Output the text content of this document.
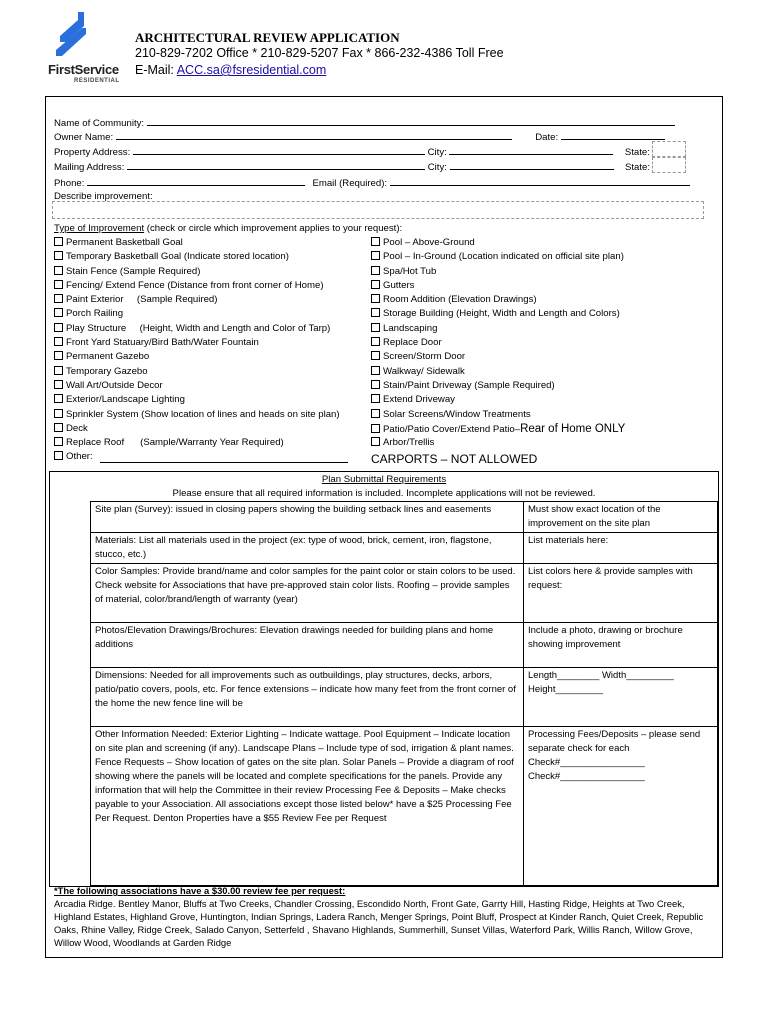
FirstService
RESIDENTIAL
ARCHITECTURAL REVIEW APPLICATION
210-829-7202 Office * 210-829-5207 Fax * 866-232-4386 Toll Free
E-Mail: ACC.sa@fsresidential.com
Name of Community:
Owner Name:	Date:
Property Address:	City:	State:
Mailing Address:	City:	State:
Phone:	Email (Required):
Describe improvement:
Type of Improvement (check or circle which improvement applies to your request):
Permanent Basketball Goal
Temporary Basketball Goal (Indicate stored location)
Stain Fence (Sample Required)
Fencing/ Extend Fence (Distance from front corner of Home)
Paint Exterior     (Sample Required)
Porch Railing
Play Structure     (Height, Width and Length and Color of Tarp)
Front Yard Statuary/Bird Bath/Water Fountain
Permanent Gazebo
Temporary Gazebo
Wall Art/Outside Decor
Exterior/Landscape Lighting
Sprinkler System (Show location of lines and heads on site plan)
Deck
Replace Roof      (Sample/Warranty Year Required)
Other:
Pool – Above-Ground
Pool – In-Ground (Location indicated on official site plan)
Spa/Hot Tub
Gutters
Room Addition (Elevation Drawings)
Storage Building (Height, Width and Length and Colors)
Landscaping
Replace Door
Screen/Storm Door
Walkway/ Sidewalk
Stain/Paint Driveway (Sample Required)
Extend Driveway
Solar Screens/Window Treatments
Patio/Patio Cover/Extend Patio–Rear of Home ONLY
Arbor/Trellis
CARPORTS – NOT ALLOWED
Plan Submittal Requirements
Please ensure that all required information is included. Incomplete applications will not be reviewed.
Site plan (Survey): issued in closing papers showing the building setback lines and easements	Must show exact location of the improvement on the site plan
Materials: List all materials used in the project (ex: type of wood, brick, cement, iron, flagstone, stucco, etc.)	List materials here:
Color Samples: Provide brand/name and color samples for the paint color or stain colors to be used. Check website for Associations that have pre-approved stain color lists. Roofing – provide samples of material, color/brand/length of warranty (year)	List colors here & provide samples with request:
Photos/Elevation Drawings/Brochures: Elevation drawings needed for building plans and home additions	Include a photo, drawing or brochure showing improvement
Dimensions: Needed for all improvements such as outbuildings, play structures, decks, arbors, patio/patio covers, pools, etc. For fence extensions – indicate how many feet from the front corner of the home the new fence line will be	Length________ Width_________ Height_________
Other Information Needed: Exterior Lighting – Indicate wattage. Pool Equipment – Indicate location on site plan and screening (if any). Landscape Plans – Include type of sod, irrigation & plant names. Fence Requests – Show location of gates on the site plan. Solar Panels – Provide a diagram of roof showing where the panels will be located and complete specifications for the panels. Provide any information that will help the Committee in their review Processing Fee & Deposits – Make checks payable to your Association. All associations except those listed below* have a $25 Processing Fee Per Request. Denton Properties have a $55 Review Fee per Request	Processing Fees/Deposits – please send separate check for each Check#________________ Check#________________
*The following associations have a $30.00 review fee per request:
Arcadia Ridge. Bentley Manor, Bluffs at Two Creeks, Chandler Crossing, Escondido North, Front Gate, Garrty Hill, Hasting Ridge, Heights at Two Creek, Highland Estates, Highland Grove, Huntington, Indian Springs, Ladera Ranch, Menger Springs, Point Bluff, Prospect at Kinder Ranch, Quiet Creek, Republic Oaks, Rhine Valley, Ridge Creek, Salado Canyon, Setterfeld , Shavano Highlands, Summerhill, Sunset Villas, Waterford Park, Willis Ranch, Willow Grove, Willow Wood, Woodlands at Garden Ridge
